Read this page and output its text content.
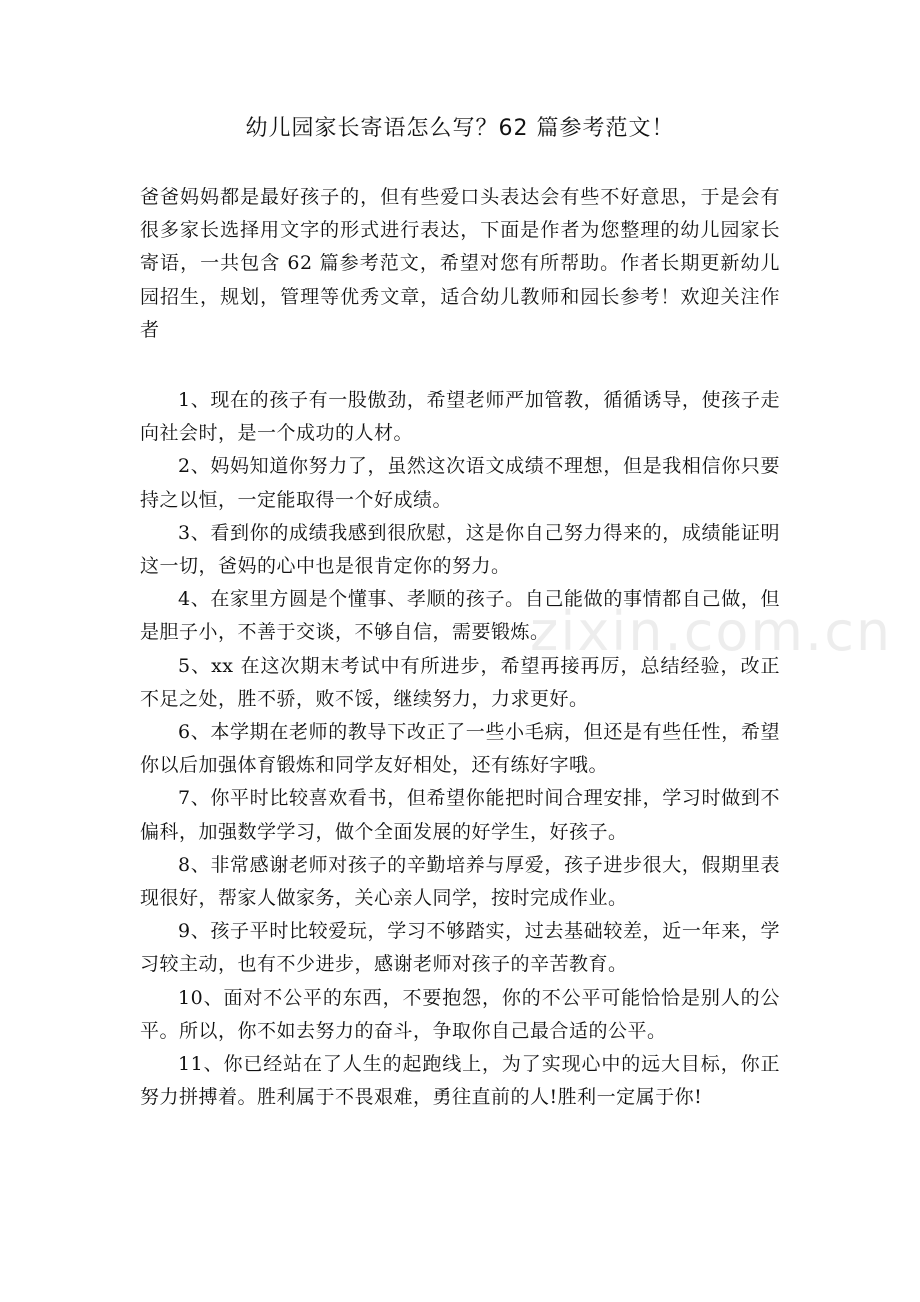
幼儿园家长寄语怎么写？62 篇参考范文！

爸爸妈妈都是最好孩子的，但有些爱口头表达会有些不好意思，于是会有很多家长选择用文字的形式进行表达，下面是作者为您整理的幼儿园家长寄语，一共包含 62 篇参考范文，希望对您有所帮助。作者长期更新幼儿园招生，规划，管理等优秀文章，适合幼儿教师和园长参考！欢迎关注作者

1、现在的孩子有一股傲劲，希望老师严加管教，循循诱导，使孩子走向社会时，是一个成功的人材。

2、妈妈知道你努力了，虽然这次语文成绩不理想，但是我相信你只要持之以恒，一定能取得一个好成绩。

3、看到你的成绩我感到很欣慰，这是你自己努力得来的，成绩能证明这一切，爸妈的心中也是很肯定你的努力。

4、在家里方圆是个懂事、孝顺的孩子。自己能做的事情都自己做，但是胆子小，不善于交谈，不够自信，需要锻炼。

5、xx 在这次期末考试中有所进步，希望再接再厉，总结经验，改正不足之处，胜不骄，败不馁，继续努力，力求更好。

6、本学期在老师的教导下改正了一些小毛病，但还是有些任性，希望你以后加强体育锻炼和同学友好相处，还有练好字哦。

7、你平时比较喜欢看书，但希望你能把时间合理安排，学习时做到不偏科，加强数学学习，做个全面发展的好学生，好孩子。

8、非常感谢老师对孩子的辛勤培养与厚爱，孩子进步很大，假期里表现很好，帮家人做家务，关心亲人同学，按时完成作业。

9、孩子平时比较爱玩，学习不够踏实，过去基础较差，近一年来，学习较主动，也有不少进步，感谢老师对孩子的辛苦教育。

10、面对不公平的东西，不要抱怨，你的不公平可能恰恰是别人的公平。所以，你不如去努力的奋斗，争取你自己最合适的公平。

11、你已经站在了人生的起跑线上，为了实现心中的远大目标，你正努力拼搏着。胜利属于不畏艰难，勇往直前的人!胜利一定属于你!

zixin.com.cn
